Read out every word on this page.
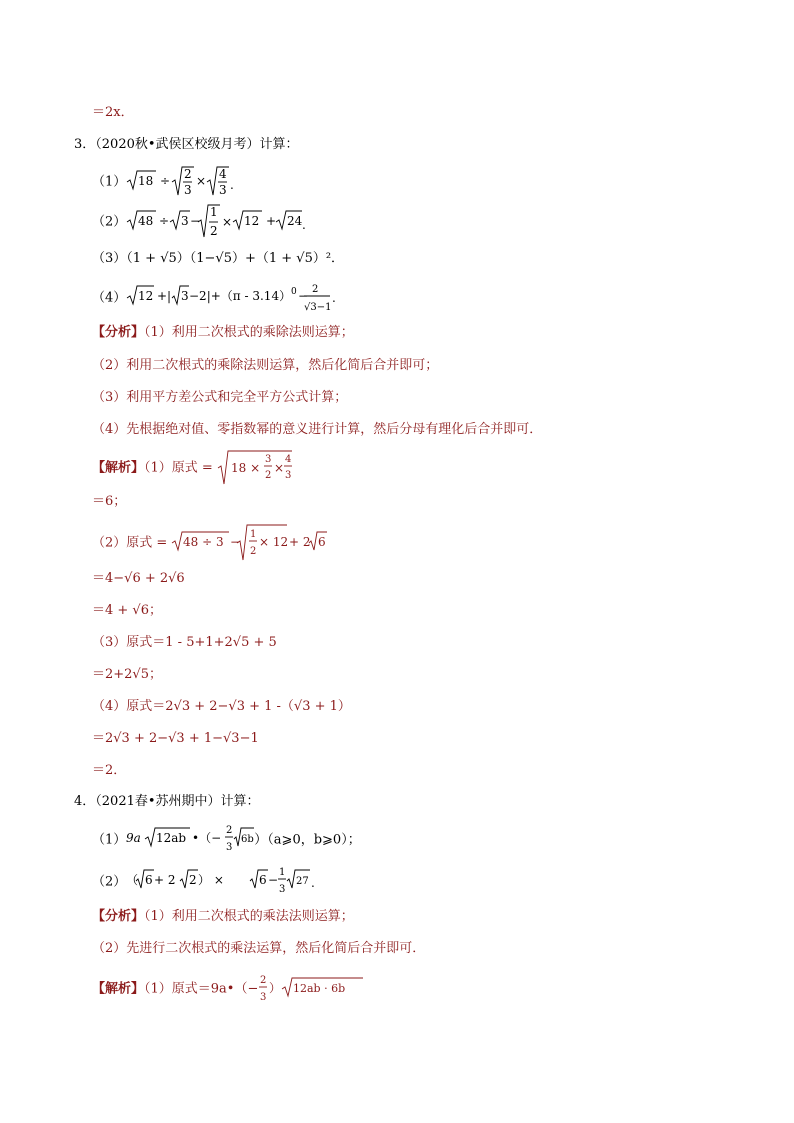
＝2x．
3．（2020秋•武侯区校级月考）计算：
（1） 18 ÷ 2
3
× 4
3 .
（2） 48 ÷ 3 −
1
2
× 12 + 24 .
（3）（1 + √5）（1−√5）+（1 + √5）²．
（4） 12 +| 3 −2|+（π - 3.14） 0 − 2
√3−1
.
【分析】（1）利用二次根式的乘除法则运算；
（2）利用二次根式的乘除法则运算，然后化简后合并即可；
（3）利用平方差公式和完全平方公式计算；
（4）先根据绝对值、零指数幂的意义进行计算，然后分母有理化后合并即可．
【解析】（1）原式 = 18 ×
3
2
×
4
3
＝6；
（2）原式 = 48 ÷ 3 −
1
2
× 12 + 2 6
＝4−√6 + 2√6
＝4 + √6；
（3）原式＝1 - 5+1+2√5 + 5
＝2+2√5；
（4）原式＝2√3 + 2−√3 + 1 -（√3 + 1）
＝2√3 + 2−√3 + 1−√3−1
＝2．
4．（2021春•苏州期中）计算：
（1） 9a 12ab •（−
2
3
6b ）（a⩾0，b⩾0）；
（2） （ 6 + 2 2 ） ×	6 −
1
3
27 .
【分析】（1）利用二次根式的乘法法则运算；
（2）先进行二次根式的乘法运算，然后化简后合并即可．
【解析】（1）原式＝9a•（−
2
3
） 12ab · 6b
